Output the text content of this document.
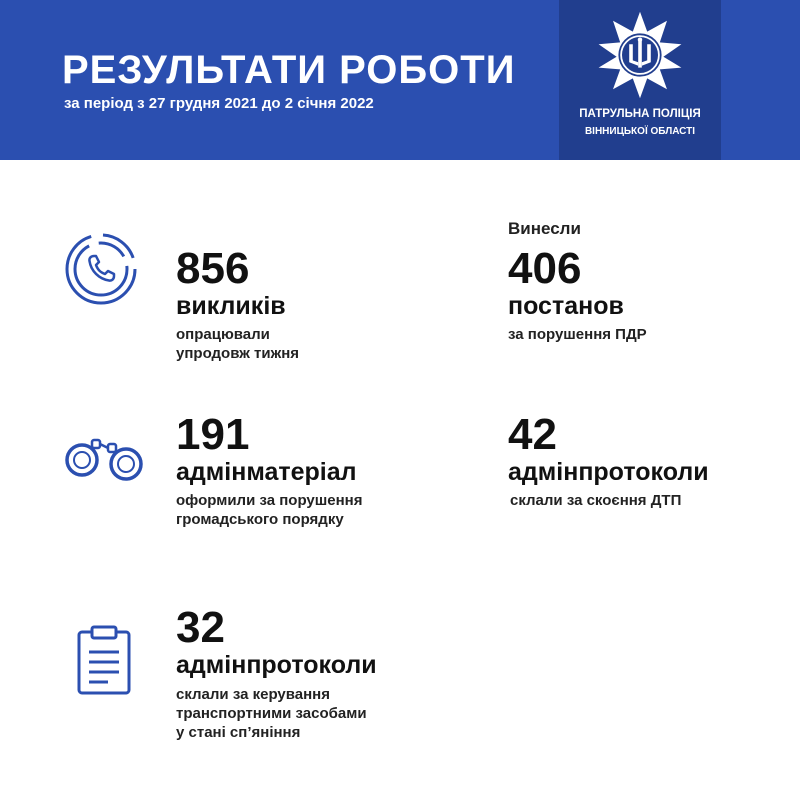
РЕЗУЛЬТАТИ РОБОТИ
за період з 27 грудня 2021 до 2 січня 2022
ПАТРУЛЬНА ПОЛІЦІЯ
ВІННИЦЬКОЇ ОБЛАСТІ
856
викликів
опрацювали
упродовж тижня
Винесли
406
постанов
за порушення ПДР
191
адмінматеріал
оформили за порушення
громадського порядку
42
адмінпротоколи
склали за скоєння ДТП
32
адмінпротоколи
склали за керування
транспортними засобами
у стані сп’яніння
